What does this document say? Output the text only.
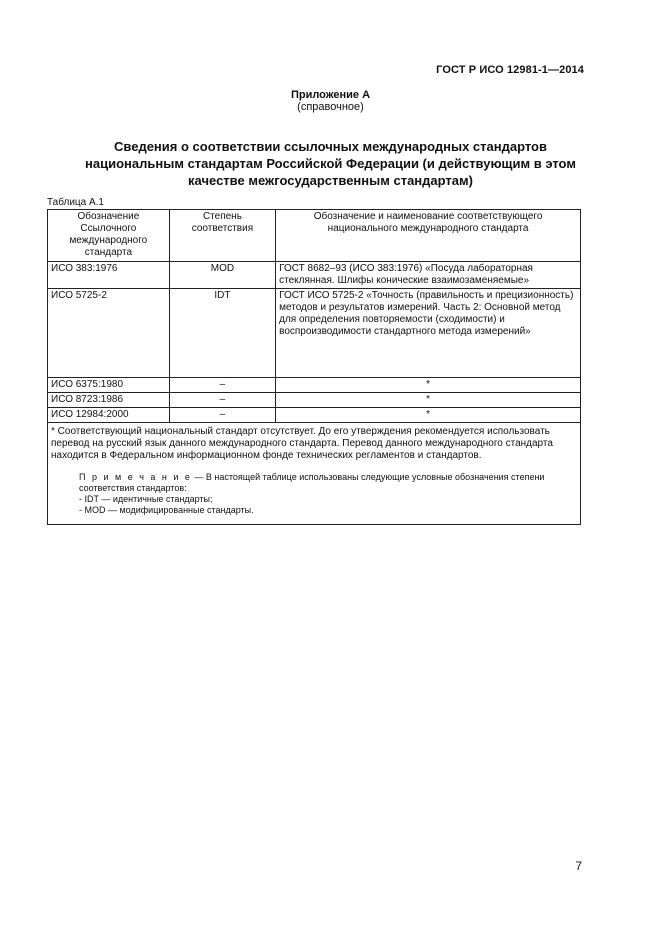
ГОСТ Р ИСО 12981-1—2014
Приложение А
(справочное)
Сведения о соответствии ссылочных международных стандартов
национальным стандартам Российской Федерации (и действующим в этом
качестве межгосударственным стандартам)
Таблица А.1
Обозначение Ссылочного международного стандарта	Степень соответствия	Обозначение и наименование соответствующего национального международного стандарта
ИСО 383:1976	MOD	ГОСТ 8682–93 (ИСО 383:1976) «Посуда лабораторная стеклянная. Шлифы конические взаимозаменяемые»
ИСО 5725-2	IDT	ГОСТ ИСО 5725-2 «Точность (правильность и прецизионность) методов и результатов измерений. Часть 2: Основной метод для определения повторяемости (сходимости) и воспроизводимости стандартного метода измерений»
ИСО 6375:1980	–	*
ИСО 8723:1986	–	*
ИСО 12984:2000	–	*

* Соответствующий национальный стандарт отсутствует. До его утверждения рекомендуется использовать перевод на русский язык данного международного стандарта. Перевод данного международного стандарта находится в Федеральном информационном фонде технических регламентов и стандартов.

П р и м е ч а н и е — В настоящей таблице использованы следующие условные обозначения степени соответствия стандартов:
- IDT — идентичные стандарты;
- MOD — модифицированные стандарты.		
7
